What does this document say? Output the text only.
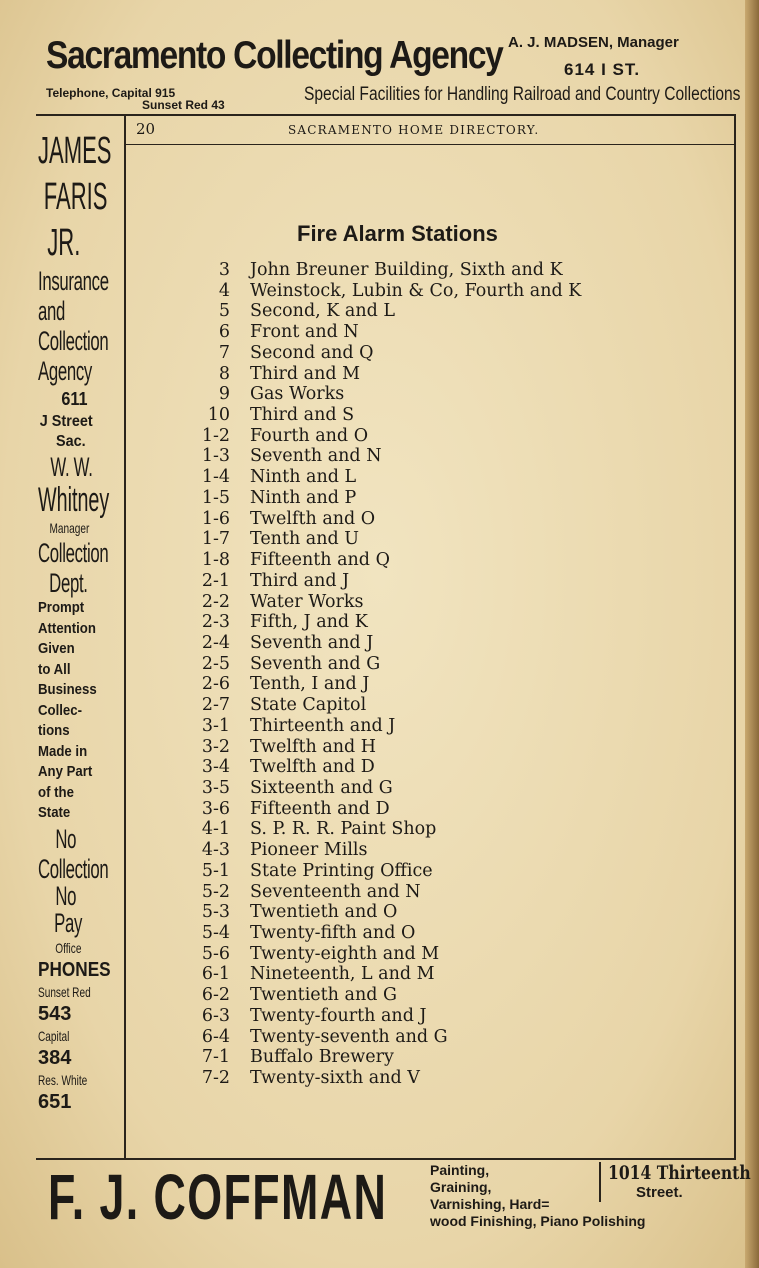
Sacramento Collecting Agency A. J. MADSEN, Manager
614 I ST.
Telephone, Capital 915
Sunset Red 43	Special Facilities for Handling Railroad and Country Collections
20	SACRAMENTO HOME DIRECTORY.
JAMES
FARIS
JR.
Insurance
and
Collection
Agency
611
J Street
Sac.
W. W.
Whitney
Manager
Collection
Dept.
Prompt
Attention
Given
to All
Business
Collec-
tions
Made in
Any Part
of the
State
No
Collection
No
Pay
Office
PHONES
Sunset Red
543
Capital
384
Res. White
651
Fire Alarm Stations
3 John Breuner Building, Sixth and K
4 Weinstock, Lubin & Co, Fourth and K
5 Second, K and L
6 Front and N
7 Second and Q
8 Third and M
9 Gas Works
10 Third and S
1-2 Fourth and O
1-3 Seventh and N
1-4 Ninth and L
1-5 Ninth and P
1-6 Twelfth and O
1-7 Tenth and U
1-8 Fifteenth and Q
2-1 Third and J
2-2 Water Works
2-3 Fifth, J and K
2-4 Seventh and J
2-5 Seventh and G
2-6 Tenth, I and J
2-7 State Capitol
3-1 Thirteenth and J
3-2 Twelfth and H
3-4 Twelfth and D
3-5 Sixteenth and G
3-6 Fifteenth and D
4-1 S. P. R. R. Paint Shop
4-3 Pioneer Mills
5-1 State Printing Office
5-2 Seventeenth and N
5-3 Twentieth and O
5-4 Twenty-fifth and O
5-6 Twenty-eighth and M
6-1 Nineteenth, L and M
6-2 Twentieth and G
6-3 Twenty-fourth and J
6-4 Twenty-seventh and G
7-1 Buffalo Brewery
7-2 Twenty-sixth and V
F. J. COFFMAN	Painting,
Graining,
Varnishing, Hard=
wood Finishing, Piano Polishing
1014 Thirteenth
Street.
